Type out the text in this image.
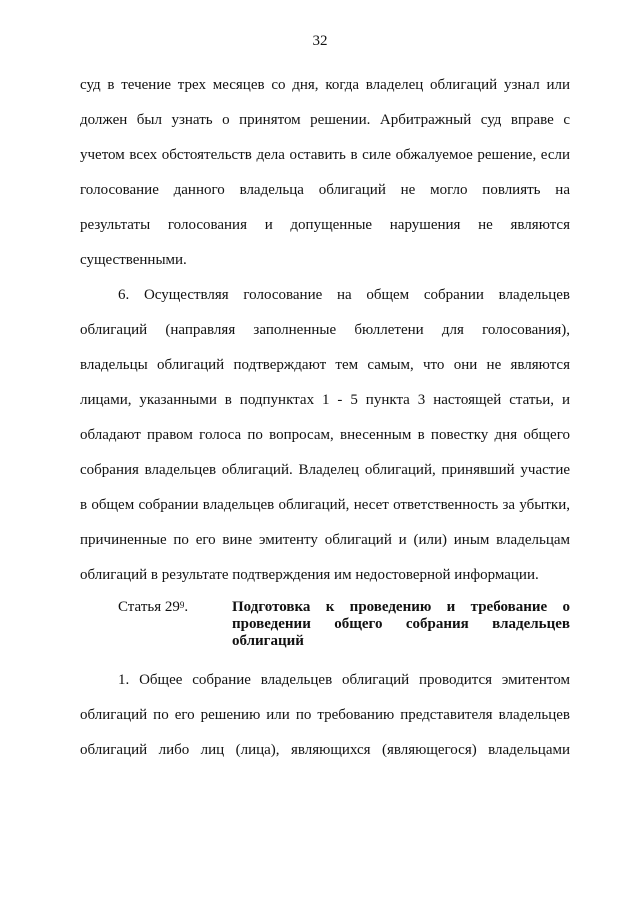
32
суд в течение трех месяцев со дня, когда владелец облигаций узнал или
должен был узнать о принятом решении. Арбитражный суд вправе с
учетом всех обстоятельств дела оставить в силе обжалуемое решение, если
голосование данного владельца облигаций не могло повлиять на
результаты голосования и допущенные нарушения не являются
существенными.
6. Осуществляя голосование на общем собрании владельцев
облигаций (направляя заполненные бюллетени для голосования),
владельцы облигаций подтверждают тем самым, что они не являются
лицами, указанными в подпунктах 1 - 5 пункта 3 настоящей статьи, и
обладают правом голоса по вопросам, внесенным в повестку дня общего
собрания владельцев облигаций. Владелец облигаций, принявший участие
в общем собрании владельцев облигаций, несет ответственность за убытки,
причиненные по его вине эмитенту облигаций и (или) иным владельцам
облигаций в результате подтверждения им недостоверной информации.
Статья $29^9$.	Подготовка к проведению и требование о
проведении общего собрания владельцев
облигаций
1. Общее собрание владельцев облигаций проводится эмитентом
облигаций по его решению или по требованию представителя владельцев
облигаций либо лиц (лица), являющихся (являющегося) владельцами
